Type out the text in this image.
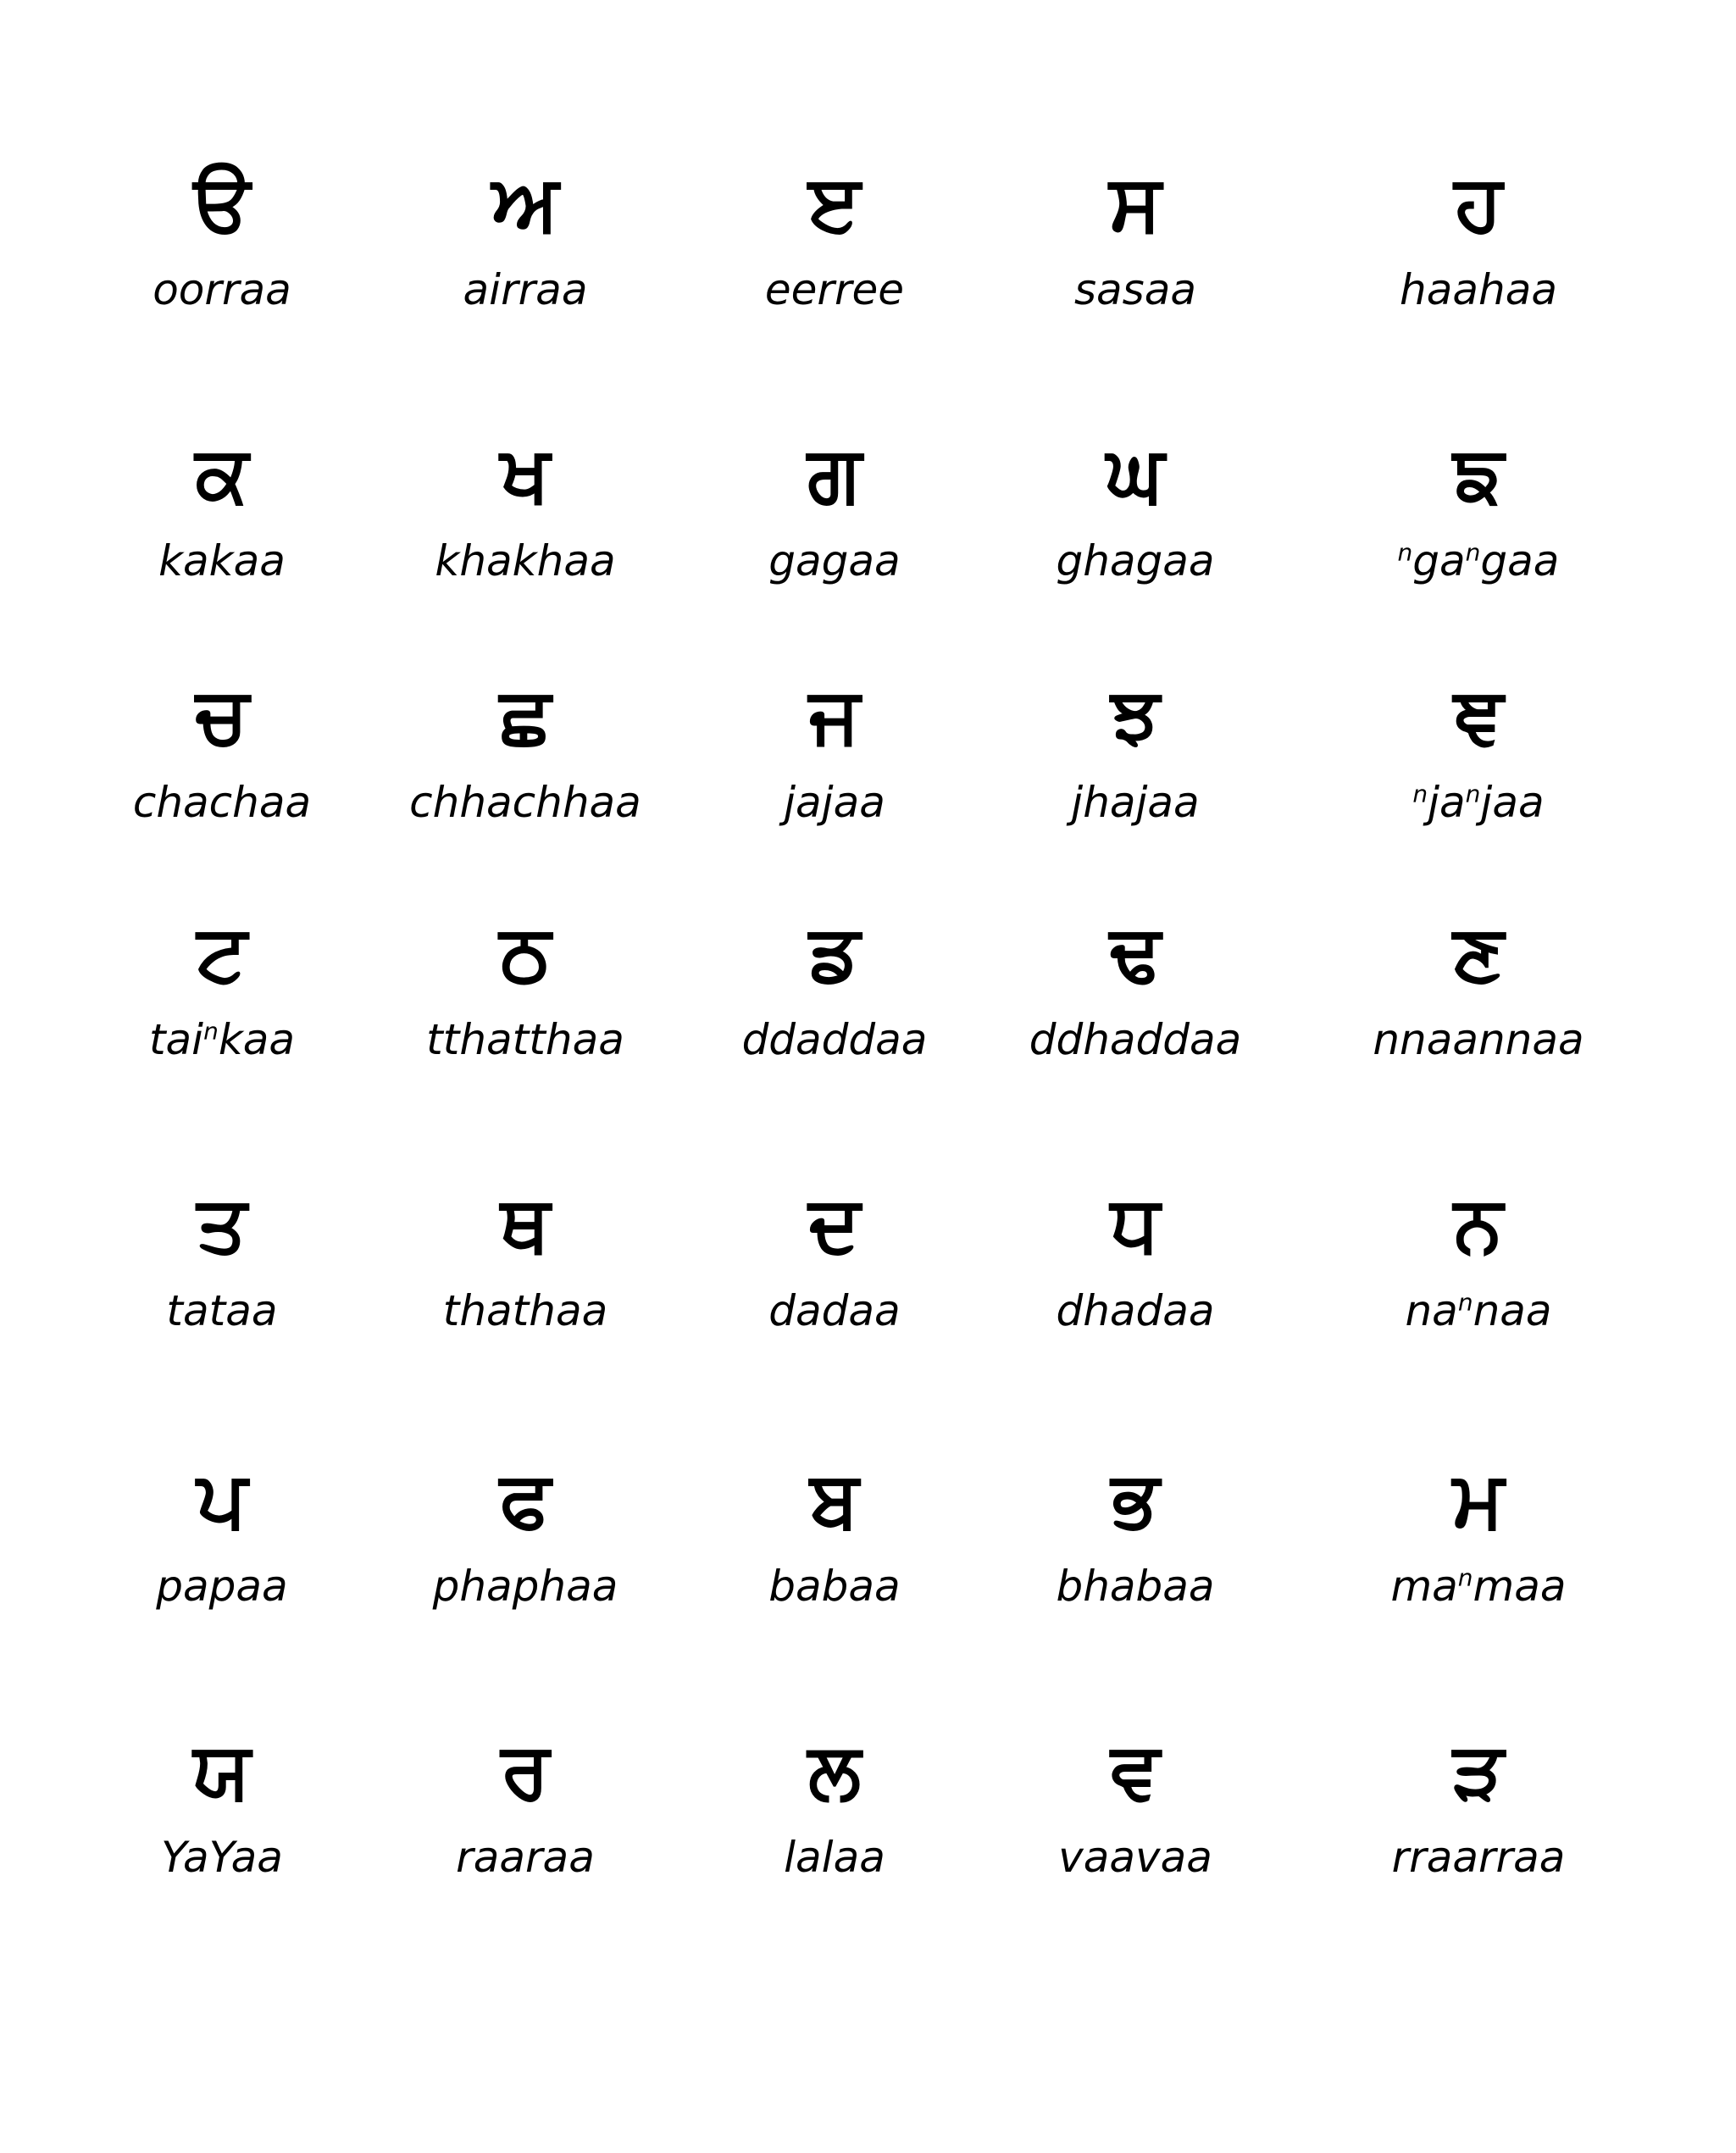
ੳ
oorraa
ਅ
airraa
ੲ
eerree
ਸ
sasaa
ਹ
haahaa
ਕ
kakaa
ਖ
khakhaa
ਗ
gagaa
ਘ
ghagaa
ਙ
$^nga^ngaa$
ਚ
chachaa
ਛ
chhachhaa
ਜ
jajaa
ਝ
jhajaa
ਞ
$^nja^njaa$
ਟ
tai$^n$kaa
ਠ
tthatthaa
ਡ
ddaddaa
ਢ
ddhaddaa
ਣ
nnaannaa
ਤ
tataa
ਥ
thathaa
ਦ
dadaa
ਧ
dhadaa
ਨ
$na^nnaa$
ਪ
papaa
ਫ
phaphaa
ਬ
babaa
ਭ
bhabaa
ਮ
$ma^nmaa$
ਯ
YaYaa
ਰ
raaraa
ਲ
lalaa
ਵ
vaavaa
ੜ
rraarraa
